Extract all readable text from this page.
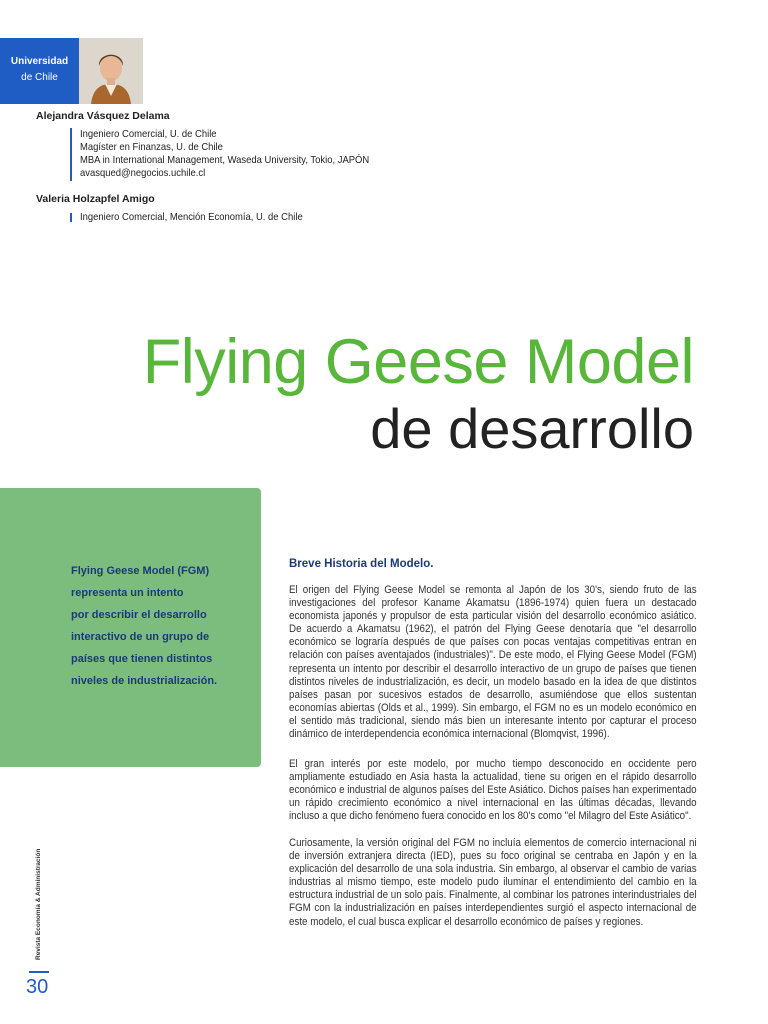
Universidad
de Chile
Alejandra Vásquez Delama
Ingeniero Comercial, U. de Chile
Magíster en Finanzas, U. de Chile
MBA in International Management, Waseda University, Tokio, JAPÓN
avasqued@negocios.uchile.cl
Valeria Holzapfel Amigo
Ingeniero Comercial, Mención Economía, U. de Chile
Flying Geese Model
de desarrollo
Flying Geese Model (FGM)
representa un intento
por describir el desarrollo
interactivo de un grupo de
países que tienen distintos
niveles de industrialización.
Breve Historia del Modelo.
El origen del Flying Geese Model se remonta al Japón de los 30's, siendo fruto de las investigaciones del profesor Kaname Akamatsu (1896-1974) quien fuera un destacado economista japonés y propulsor de esta particular visión del desarrollo económico asiático. De acuerdo a Akamatsu (1962), el patrón del Flying Geese denotaría que "el desarrollo económico se lograría después de que países con pocas ventajas competitivas entran en relación con países aventajados (industriales)". De este modo, el Flying Geese Model (FGM) representa un intento por describir el desarrollo interactivo de un grupo de países que tienen distintos niveles de industrialización, es decir, un modelo basado en la idea de que distintos países pasan por sucesivos estados de desarrollo, asumiéndose que ellos sustentan economías abiertas (Olds et al., 1999). Sin embargo, el FGM no es un modelo económico en el sentido más tradicional, siendo más bien un interesante intento por capturar el proceso dinámico de interdependencia económica internacional (Blomqvist, 1996).
El gran interés por este modelo, por mucho tiempo desconocido en occidente pero ampliamente estudiado en Asia hasta la actualidad, tiene su origen en el rápido desarrollo económico e industrial de algunos países del Este Asiático. Dichos países han experimentado un rápido crecimiento económico a nivel internacional en las últimas décadas, llevando incluso a que dicho fenómeno fuera conocido en los 80's como "el Milagro del Este Asiático".
Curiosamente, la versión original del FGM no incluía elementos de comercio internacional ni de inversión extranjera directa (IED), pues su foco original se centraba en Japón y en la explicación del desarrollo de una sola industria. Sin embargo, al observar el cambio de varias industrias al mismo tiempo, este modelo pudo iluminar el entendimiento del cambio en la estructura industrial de un solo país. Finalmente, al combinar los patrones interindustriales del FGM con la industrialización en países interdependientes surgió el aspecto internacional de este modelo, el cual busca explicar el desarrollo económico de países y regiones.
Revista Economía & Administración
30
